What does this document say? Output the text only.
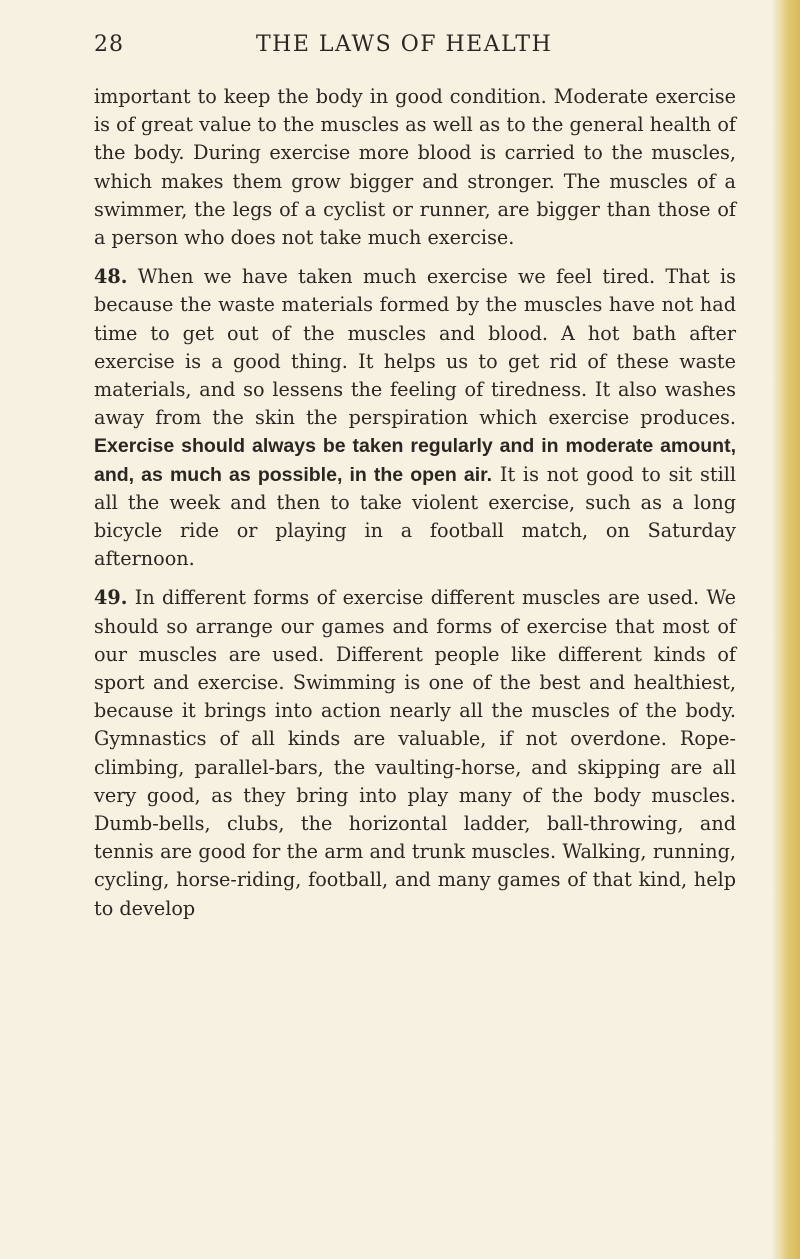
28	THE LAWS OF HEALTH

important to keep the body in good condition. Moderate exercise is of great value to the muscles as well as to the general health of the body. During exercise more blood is carried to the muscles, which makes them grow bigger and stronger. The muscles of a swimmer, the legs of a cyclist or runner, are bigger than those of a person who does not take much exercise.

48. When we have taken much exercise we feel tired. That is because the waste materials formed by the muscles have not had time to get out of the muscles and blood. A hot bath after exercise is a good thing. It helps us to get rid of these waste materials, and so lessens the feeling of tiredness. It also washes away from the skin the perspiration which exercise produces. Exercise should always be taken regularly and in moderate amount, and, as much as possible, in the open air. It is not good to sit still all the week and then to take violent exercise, such as a long bicycle ride or playing in a football match, on Saturday afternoon.

49. In different forms of exercise different muscles are used. We should so arrange our games and forms of exercise that most of our muscles are used. Different people like different kinds of sport and exercise. Swimming is one of the best and healthiest, because it brings into action nearly all the muscles of the body. Gymnastics of all kinds are valuable, if not overdone. Rope-climbing, parallel-bars, the vaulting-horse, and skipping are all very good, as they bring into play many of the body muscles. Dumb-bells, clubs, the horizontal ladder, ball-throwing, and tennis are good for the arm and trunk muscles. Walking, running, cycling, horse-riding, football, and many games of that kind, help to develop
